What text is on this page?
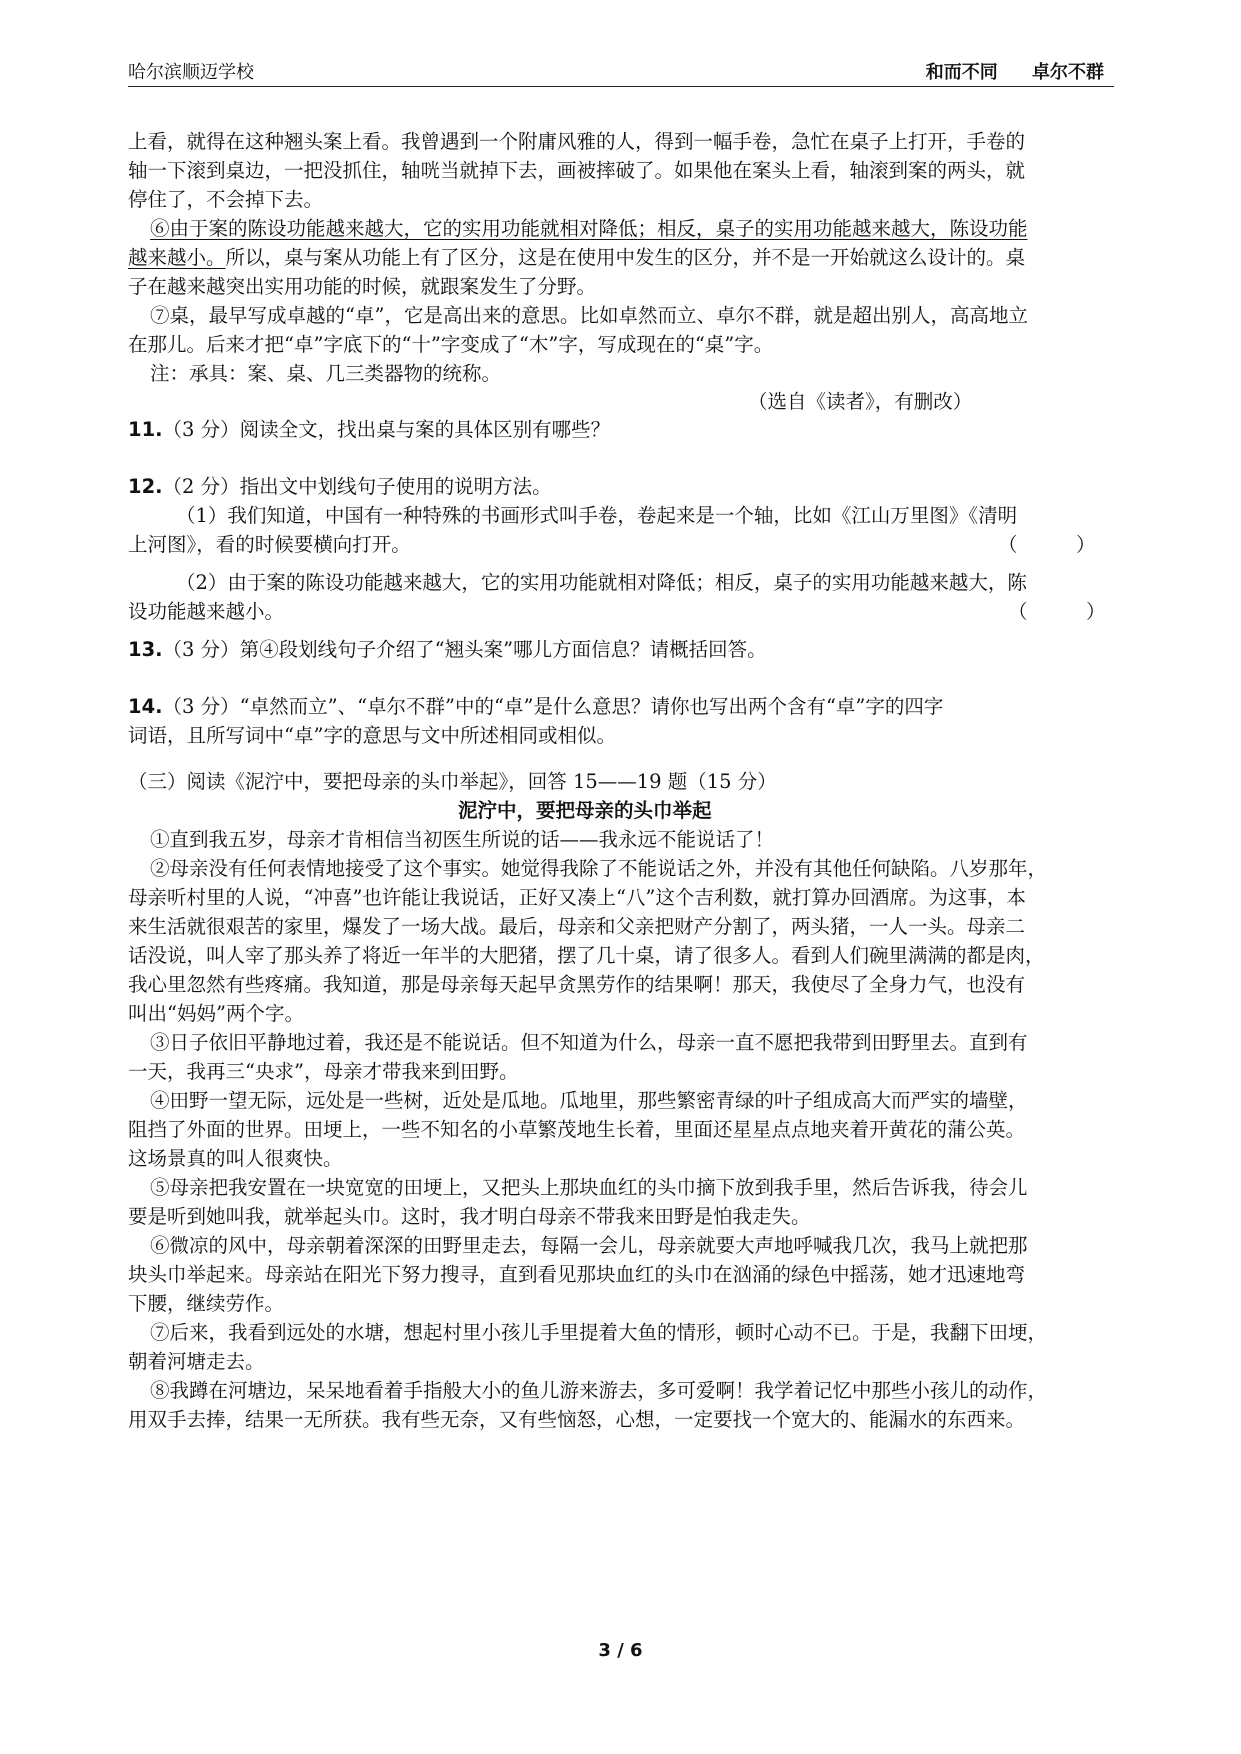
哈尔滨顺迈学校	和而不同 卓尔不群
上看，就得在这种翘头案上看。我曾遇到一个附庸风雅的人，得到一幅手卷，急忙在桌子上打开，手卷的
轴一下滚到桌边，一把没抓住，轴咣当就掉下去，画被摔破了。如果他在案头上看，轴滚到案的两头，就
停住了，不会掉下去。
⑥由于案的陈设功能越来越大，它的实用功能就相对降低；相反，桌子的实用功能越来越大，陈设功能
越来越小。所以，桌与案从功能上有了区分，这是在使用中发生的区分，并不是一开始就这么设计的。桌
子在越来越突出实用功能的时候，就跟案发生了分野。
⑦桌，最早写成卓越的“卓”，它是高出来的意思。比如卓然而立、卓尔不群，就是超出别人，高高地立
在那儿。后来才把“卓”字底下的“十”字变成了“木”字，写成现在的“桌”字。
注：承具：案、桌、几三类器物的统称。
（选自《读者》，有删改）
11.（3 分）阅读全文，找出桌与案的具体区别有哪些？
12.（2 分）指出文中划线句子使用的说明方法。
（1）我们知道，中国有一种特殊的书画形式叫手卷，卷起来是一个轴，比如《江山万里图》《清明
上河图》，看的时候要横向打开。	（　　　）
（2）由于案的陈设功能越来越大，它的实用功能就相对降低；相反，桌子的实用功能越来越大，陈
设功能越来越小。	（　　　）
13.（3 分）第④段划线句子介绍了“翘头案”哪儿方面信息？请概括回答。
14.（3 分）“卓然而立”、“卓尔不群”中的“卓”是什么意思？请你也写出两个含有“卓”字的四字
词语，且所写词中“卓”字的意思与文中所述相同或相似。
（三）阅读《泥泞中，要把母亲的头巾举起》，回答 15——19 题（15 分）
泥泞中，要把母亲的头巾举起
①直到我五岁，母亲才肯相信当初医生所说的话——我永远不能说话了！
②母亲没有任何表情地接受了这个事实。她觉得我除了不能说话之外，并没有其他任何缺陷。八岁那年，
母亲听村里的人说，“冲喜”也许能让我说话，正好又凑上“八”这个吉利数，就打算办回酒席。为这事，本
来生活就很艰苦的家里，爆发了一场大战。最后，母亲和父亲把财产分割了，两头猪，一人一头。母亲二
话没说，叫人宰了那头养了将近一年半的大肥猪，摆了几十桌，请了很多人。看到人们碗里满满的都是肉，
我心里忽然有些疼痛。我知道，那是母亲每天起早贪黑劳作的结果啊！那天，我使尽了全身力气，也没有
叫出“妈妈”两个字。
③日子依旧平静地过着，我还是不能说话。但不知道为什么，母亲一直不愿把我带到田野里去。直到有
一天，我再三“央求”，母亲才带我来到田野。
④田野一望无际，远处是一些树，近处是瓜地。瓜地里，那些繁密青绿的叶子组成高大而严实的墙壁，
阻挡了外面的世界。田埂上，一些不知名的小草繁茂地生长着，里面还星星点点地夹着开黄花的蒲公英。
这场景真的叫人很爽快。
⑤母亲把我安置在一块宽宽的田埂上，又把头上那块血红的头巾摘下放到我手里，然后告诉我，待会儿
要是听到她叫我，就举起头巾。这时，我才明白母亲不带我来田野是怕我走失。
⑥微凉的风中，母亲朝着深深的田野里走去，每隔一会儿，母亲就要大声地呼喊我几次，我马上就把那
块头巾举起来。母亲站在阳光下努力搜寻，直到看见那块血红的头巾在汹涌的绿色中摇荡，她才迅速地弯
下腰，继续劳作。
⑦后来，我看到远处的水塘，想起村里小孩儿手里提着大鱼的情形，顿时心动不已。于是，我翻下田埂，
朝着河塘走去。
⑧我蹲在河塘边，呆呆地看着手指般大小的鱼儿游来游去，多可爱啊！我学着记忆中那些小孩儿的动作，
用双手去捧，结果一无所获。我有些无奈，又有些恼怒，心想，一定要找一个宽大的、能漏水的东西来。
3 / 6
